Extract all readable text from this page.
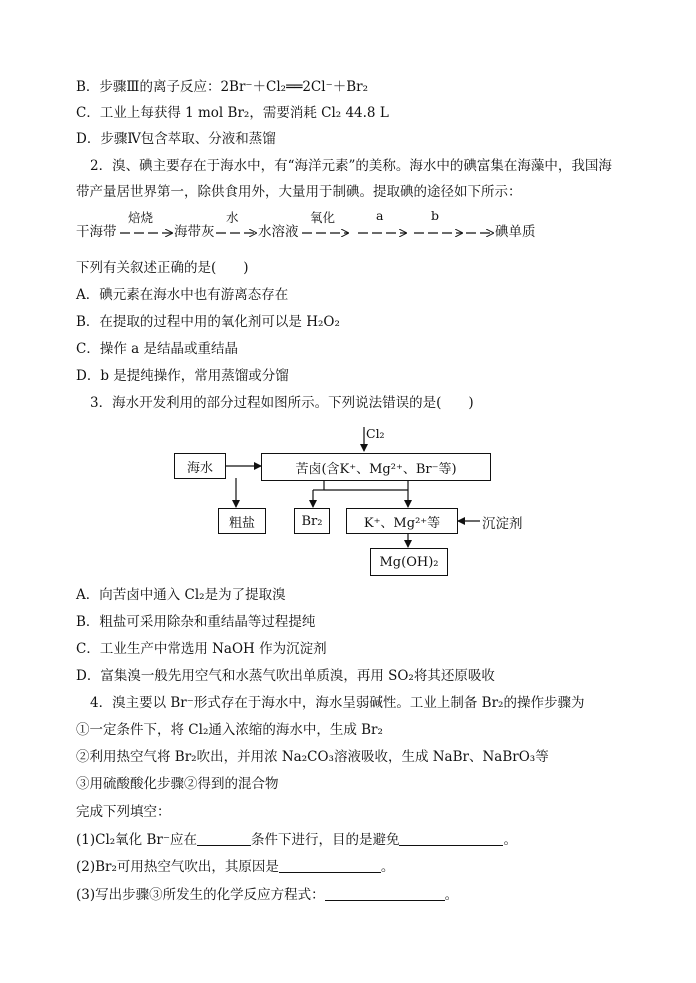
B．步骤Ⅲ的离子反应：2Br⁻＋Cl₂══2Cl⁻＋Br₂
C．工业上每获得 1 mol Br₂，需要消耗 Cl₂ 44.8 L
D．步骤Ⅳ包含萃取、分液和蒸馏
2．溴、碘主要存在于海水中，有“海洋元素”的美称。海水中的碘富集在海藻中，我国海
带产量居世界第一，除供食用外，大量用于制碘。提取碘的途径如下所示：
焙烧	水	氧化	a	b
干海带	海带灰	水溶液	碘单质
下列有关叙述正确的是(　　)
A．碘元素在海水中也有游离态存在
B．在提取的过程中用的氧化剂可以是 H₂O₂
C．操作 a 是结晶或重结晶
D．b 是提纯操作，常用蒸馏或分馏
3．海水开发利用的部分过程如图所示。下列说法错误的是(　　)
Cl₂
海水	苦卤(含K⁺、Mg²⁺、Br⁻等)
粗盐	Br₂	K⁺、Mg²⁺等	沉淀剂
Mg(OH)₂
A．向苦卤中通入 Cl₂是为了提取溴
B．粗盐可采用除杂和重结晶等过程提纯
C．工业生产中常选用 NaOH 作为沉淀剂
D．富集溴一般先用空气和水蒸气吹出单质溴，再用 SO₂将其还原吸收
4．溴主要以 Br⁻形式存在于海水中，海水呈弱碱性。工业上制备 Br₂的操作步骤为
①一定条件下，将 Cl₂通入浓缩的海水中，生成 Br₂
②利用热空气将 Br₂吹出，并用浓 Na₂CO₃溶液吸收，生成 NaBr、NaBrO₃等
③用硫酸酸化步骤②得到的混合物
完成下列填空：
(1)Cl₂氧化 Br⁻应在	条件下进行，目的是避免	。
(2)Br₂可用热空气吹出，其原因是	。
(3)写出步骤③所发生的化学反应方程式：	。
